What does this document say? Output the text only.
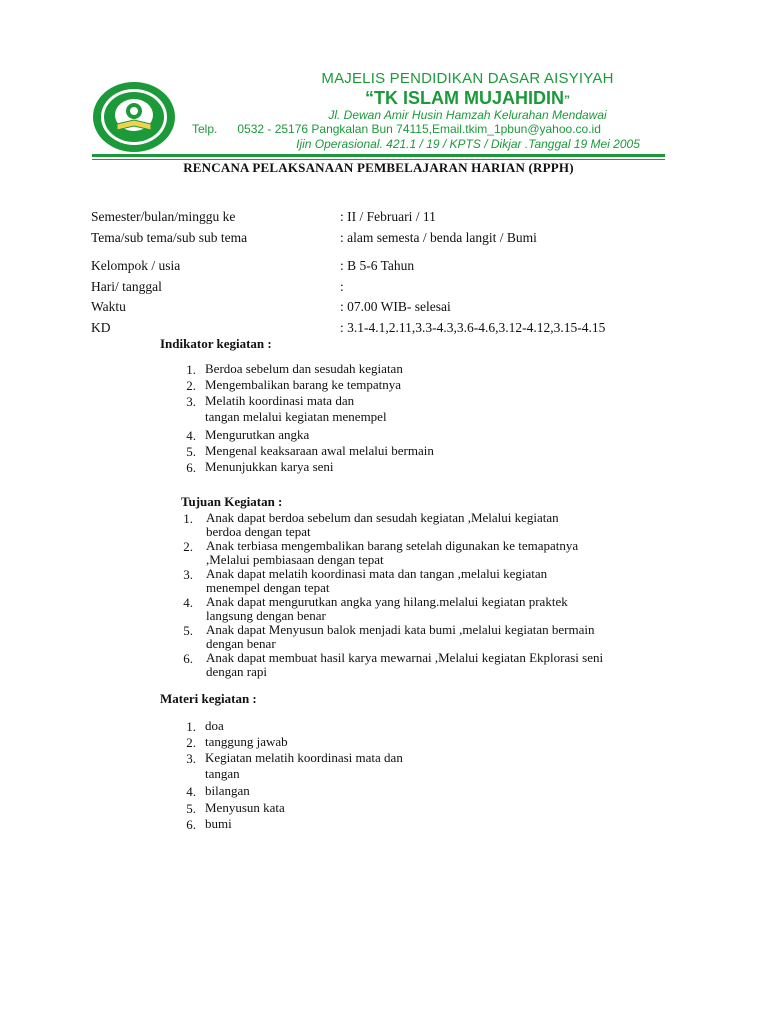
MAJELIS PENDIDIKAN DASAR AISYIYAH
“TK ISLAM MUJAHIDIN”
Jl. Dewan Amir Husin Hamzah Kelurahan Mendawai
Telp. 0532 - 25176 Pangkalan Bun 74115,Email.tkim_1pbun@yahoo.co.id
Ijin Operasional. 421.1 / 19 / KPTS / Dikjar .Tanggal 19 Mei 2005
RENCANA PELAKSANAAN PEMBELAJARAN HARIAN (RPPH)
Semester/bulan/minggu ke	: II / Februari / 11
Tema/sub tema/sub sub tema	: alam semesta / benda langit / Bumi
Kelompok / usia	: B 5-6 Tahun
Hari/ tanggal	:
Waktu	: 07.00 WIB- selesai
KD	: 3.1-4.1,2.11,3.3-4.3,3.6-4.6,3.12-4.12,3.15-4.15
Indikator kegiatan :
1. Berdoa sebelum dan sesudah kegiatan
2. Mengembalikan barang ke tempatnya
3. Melatih koordinasi mata dan
tangan melalui kegiatan menempel
4. Mengurutkan angka
5. Mengenal keaksaraan awal melalui bermain
6. Menunjukkan karya seni
Tujuan Kegiatan :
1. Anak dapat berdoa sebelum dan sesudah kegiatan ,Melalui kegiatan
berdoa dengan tepat
2. Anak terbiasa mengembalikan barang setelah digunakan ke temapatnya
,Melalui pembiasaan dengan tepat
3. Anak dapat melatih koordinasi mata dan tangan ,melalui kegiatan
menempel dengan tepat
4. Anak dapat mengurutkan angka yang hilang.melalui kegiatan praktek
langsung dengan benar
5. Anak dapat Menyusun balok menjadi kata bumi ,melalui kegiatan bermain
dengan benar
6. Anak dapat membuat hasil karya mewarnai ,Melalui kegiatan Ekplorasi seni
dengan rapi
Materi kegiatan :
1. doa
2. tanggung jawab
3. Kegiatan melatih koordinasi mata dan
tangan
4. bilangan
5. Menyusun kata
6. bumi
